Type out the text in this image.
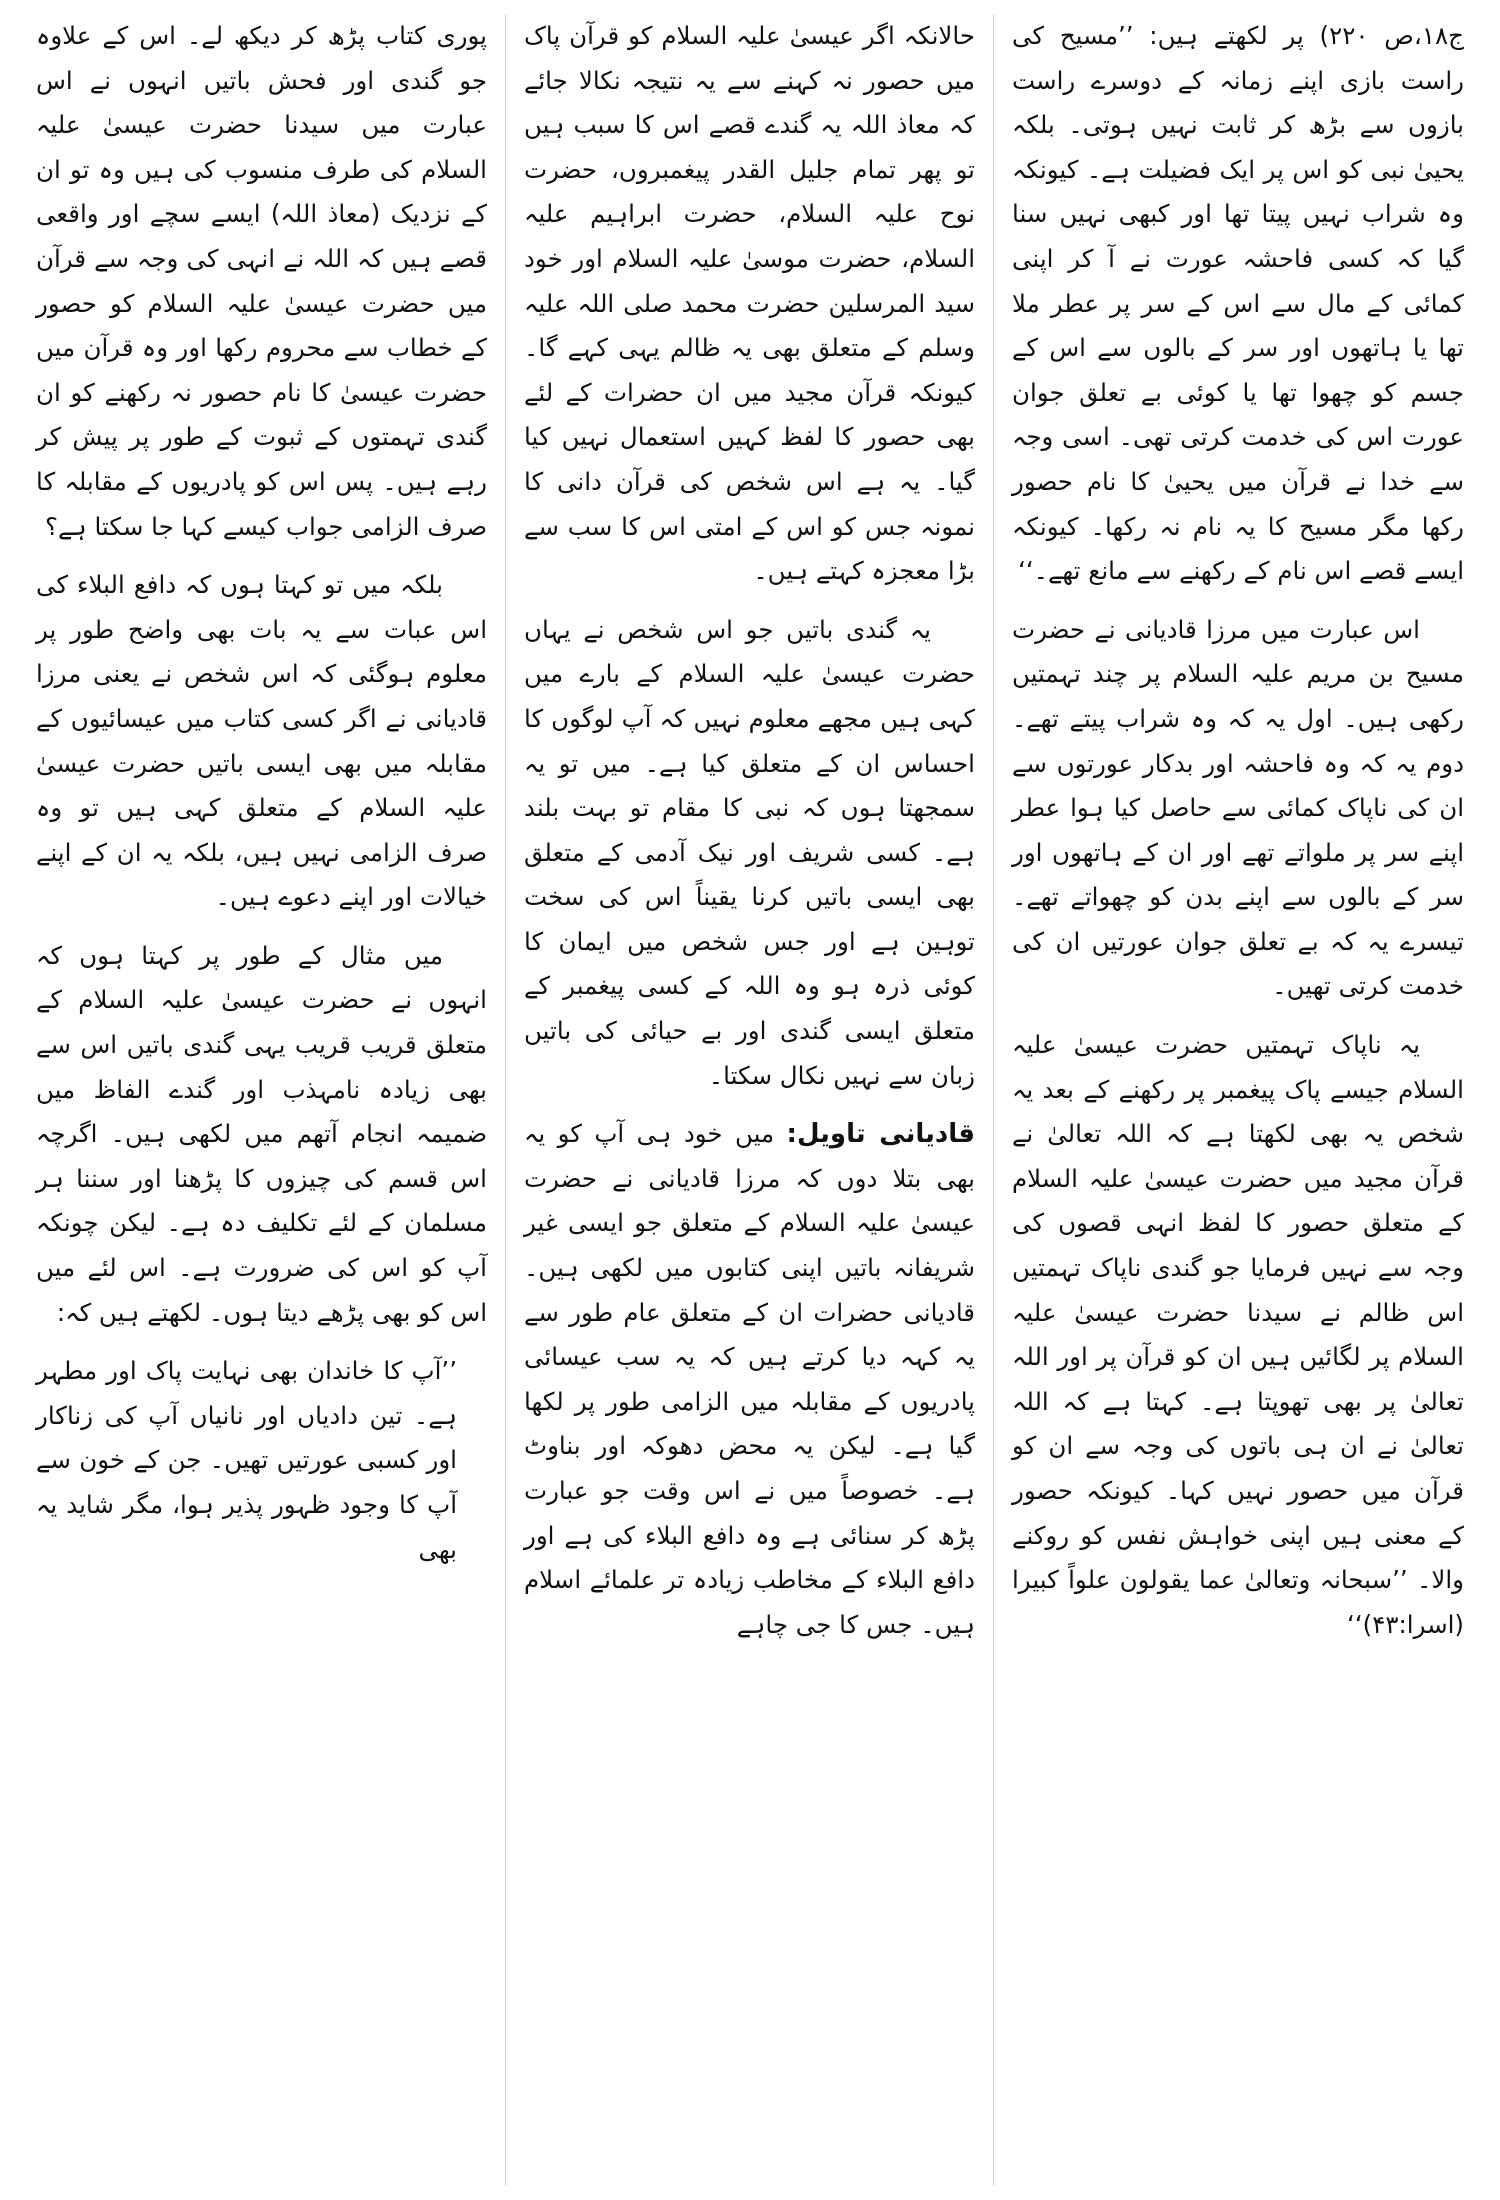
ج۱۸،ص ۲۲۰) پر لکھتے ہیں: ’’مسیح کی راست بازی اپنے زمانہ کے دوسرے راست بازوں سے بڑھ کر ثابت نہیں ہوتی۔ بلکہ یحییٰ نبی کو اس پر ایک فضیلت ہے۔ کیونکہ وہ شراب نہیں پیتا تھا اور کبھی نہیں سنا گیا کہ کسی فاحشہ عورت نے آ کر اپنی کمائی کے مال سے اس کے سر پر عطر ملا تھا یا ہاتھوں اور سر کے بالوں سے اس کے جسم کو چھوا تھا یا کوئی بے تعلق جوان عورت اس کی خدمت کرتی تھی۔ اسی وجہ سے خدا نے قرآن میں یحییٰ کا نام حصور رکھا مگر مسیح کا یہ نام نہ رکھا۔ کیونکہ ایسے قصے اس نام کے رکھنے سے مانع تھے۔‘‘

اس عبارت میں مرزا قادیانی نے حضرت مسیح بن مریم علیہ السلام پر چند تہمتیں رکھی ہیں۔ اول یہ کہ وہ شراب پیتے تھے۔ دوم یہ کہ وہ فاحشہ اور بدکار عورتوں سے ان کی ناپاک کمائی سے حاصل کیا ہوا عطر اپنے سر پر ملواتے تھے اور ان کے ہاتھوں اور سر کے بالوں سے اپنے بدن کو چھواتے تھے۔ تیسرے یہ کہ بے تعلق جوان عورتیں ان کی خدمت کرتی تھیں۔

یہ ناپاک تہمتیں حضرت عیسیٰ علیہ السلام جیسے پاک پیغمبر پر رکھنے کے بعد یہ شخص یہ بھی لکھتا ہے کہ اللہ تعالیٰ نے قرآن مجید میں حضرت عیسیٰ علیہ السلام کے متعلق حصور کا لفظ انہی قصوں کی وجہ سے نہیں فرمایا جو گندی ناپاک تہمتیں اس ظالم نے سیدنا حضرت عیسیٰ علیہ السلام پر لگائیں ہیں ان کو قرآن پر اور اللہ تعالیٰ پر بھی تھوپتا ہے۔ کہتا ہے کہ اللہ تعالیٰ نے ان ہی باتوں کی وجہ سے ان کو قرآن میں حصور نہیں کہا۔ کیونکہ حصور کے معنی ہیں اپنی خواہش نفس کو روکنے والا۔ ’’سبحانہ وتعالیٰ عما یقولون علواً کبیرا (اسرا:۴۳)‘‘

حالانکہ اگر عیسیٰ علیہ السلام کو قرآن پاک میں حصور نہ کہنے سے یہ نتیجہ نکالا جائے کہ معاذ اللہ یہ گندے قصے اس کا سبب ہیں تو پھر تمام جلیل القدر پیغمبروں، حضرت نوح علیہ السلام، حضرت ابراہیم علیہ السلام، حضرت موسیٰ علیہ السلام اور خود سید المرسلین حضرت محمد صلی اللہ علیہ وسلم کے متعلق بھی یہ ظالم یہی کہے گا۔ کیونکہ قرآن مجید میں ان حضرات کے لئے بھی حصور کا لفظ کہیں استعمال نہیں کیا گیا۔ یہ ہے اس شخص کی قرآن دانی کا نمونہ جس کو اس کے امتی اس کا سب سے بڑا معجزہ کہتے ہیں۔

یہ گندی باتیں جو اس شخص نے یہاں حضرت عیسیٰ علیہ السلام کے بارے میں کہی ہیں مجھے معلوم نہیں کہ آپ لوگوں کا احساس ان کے متعلق کیا ہے۔ میں تو یہ سمجھتا ہوں کہ نبی کا مقام تو بہت بلند ہے۔ کسی شریف اور نیک آدمی کے متعلق بھی ایسی باتیں کرنا یقیناً اس کی سخت توہین ہے اور جس شخص میں ایمان کا کوئی ذرہ ہو وہ اللہ کے کسی پیغمبر کے متعلق ایسی گندی اور بے حیائی کی باتیں زبان سے نہیں نکال سکتا۔

قادیانی تاویل: میں خود ہی آپ کو یہ بھی بتلا دوں کہ مرزا قادیانی نے حضرت عیسیٰ علیہ السلام کے متعلق جو ایسی غیر شریفانہ باتیں اپنی کتابوں میں لکھی ہیں۔ قادیانی حضرات ان کے متعلق عام طور سے یہ کہہ دیا کرتے ہیں کہ یہ سب عیسائی پادریوں کے مقابلہ میں الزامی طور پر لکھا گیا ہے۔ لیکن یہ محض دھوکہ اور بناوٹ ہے۔ خصوصاً میں نے اس وقت جو عبارت پڑھ کر سنائی ہے وہ دافع البلاء کی ہے اور دافع البلاء کے مخاطب زیادہ تر علمائے اسلام ہیں۔ جس کا جی چاہے

پوری کتاب پڑھ کر دیکھ لے۔ اس کے علاوہ جو گندی اور فحش باتیں انہوں نے اس عبارت میں سیدنا حضرت عیسیٰ علیہ السلام کی طرف منسوب کی ہیں وہ تو ان کے نزدیک (معاذ اللہ) ایسے سچے اور واقعی قصے ہیں کہ اللہ نے انہی کی وجہ سے قرآن میں حضرت عیسیٰ علیہ السلام کو حصور کے خطاب سے محروم رکھا اور وہ قرآن میں حضرت عیسیٰ کا نام حصور نہ رکھنے کو ان گندی تہمتوں کے ثبوت کے طور پر پیش کر رہے ہیں۔ پس اس کو پادریوں کے مقابلہ کا صرف الزامی جواب کیسے کہا جا سکتا ہے؟

بلکہ میں تو کہتا ہوں کہ دافع البلاء کی اس عبات سے یہ بات بھی واضح طور پر معلوم ہوگئی کہ اس شخص نے یعنی مرزا قادیانی نے اگر کسی کتاب میں عیسائیوں کے مقابلہ میں بھی ایسی باتیں حضرت عیسیٰ علیہ السلام کے متعلق کہی ہیں تو وہ صرف الزامی نہیں ہیں، بلکہ یہ ان کے اپنے خیالات اور اپنے دعوے ہیں۔

میں مثال کے طور پر کہتا ہوں کہ انہوں نے حضرت عیسیٰ علیہ السلام کے متعلق قریب قریب یہی گندی باتیں اس سے بھی زیادہ نامہذب اور گندے الفاظ میں ضمیمہ انجام آتھم میں لکھی ہیں۔ اگرچہ اس قسم کی چیزوں کا پڑھنا اور سننا ہر مسلمان کے لئے تکلیف دہ ہے۔ لیکن چونکہ آپ کو اس کی ضرورت ہے۔ اس لئے میں اس کو بھی پڑھے دیتا ہوں۔ لکھتے ہیں کہ:

’’آپ کا خاندان بھی نہایت پاک اور مطہر ہے۔ تین دادیاں اور نانیاں آپ کی زناکار اور کسبی عورتیں تھیں۔ جن کے خون سے آپ کا وجود ظہور پذیر ہوا، مگر شاید یہ بھی
